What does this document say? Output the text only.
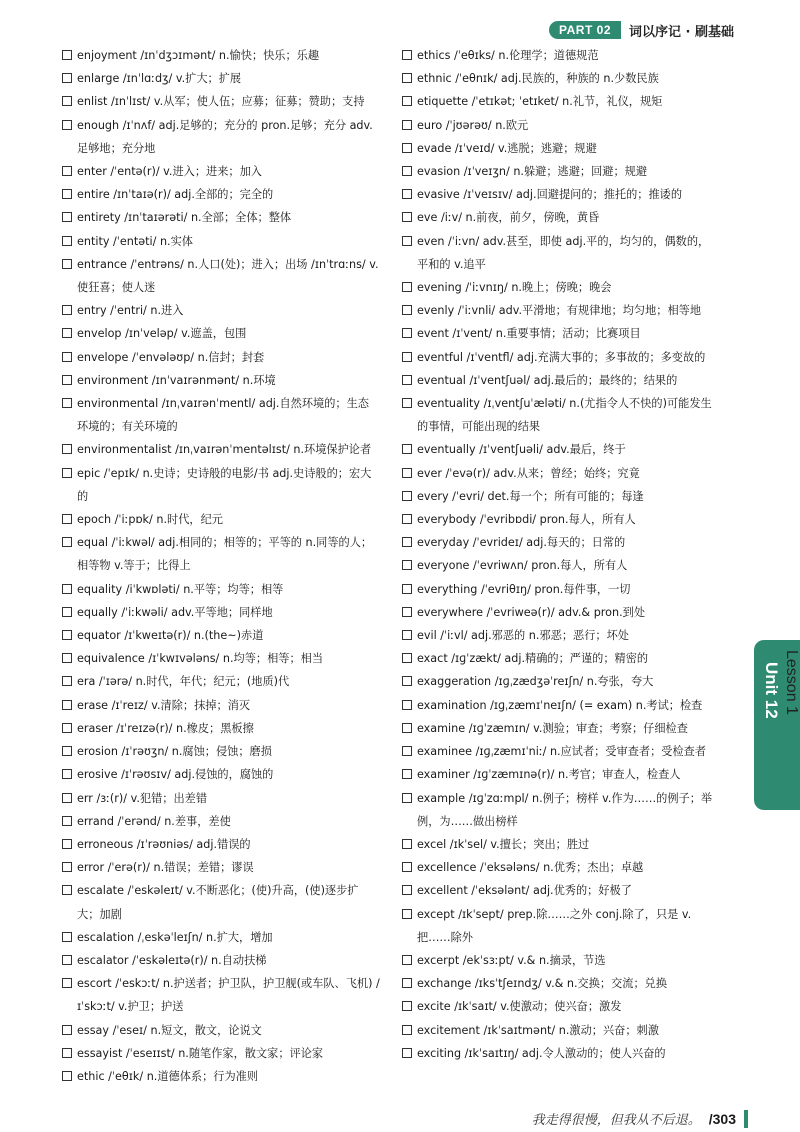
PART 02	词以序记 · 刷基础

enjoyment /ɪnˈdʒɔɪmənt/ n.愉快；快乐；乐趣

enlarge /ɪnˈlɑːdʒ/ v.扩大；扩展

enlist /ɪnˈlɪst/ v.从军；使人伍；应募；征募；赞助；支持

enough /ɪˈnʌf/ adj.足够的；充分的 pron.足够；充分 adv.足够地；充分地

enter /ˈentə(r)/ v.进入；进来；加入

entire /ɪnˈtaɪə(r)/ adj.全部的；完全的

entirety /ɪnˈtaɪərəti/ n.全部；全体；整体

entity /ˈentəti/ n.实体

entrance /ˈentrəns/ n.人口(处)；进入；出场 /ɪnˈtrɑːns/ v.使狂喜；使人迷

entry /ˈentri/ n.进入

envelop /ɪnˈveləp/ v.遮盖，包围

envelope /ˈenvələʊp/ n.信封；封套

environment /ɪnˈvaɪrənmənt/ n.环境

environmental /ɪnˌvaɪrənˈmentl/ adj.自然环境的；生态环境的；有关环境的

environmentalist /ɪnˌvaɪrənˈmentəlɪst/ n.环境保护论者

epic /ˈepɪk/ n.史诗；史诗般的电影/书 adj.史诗般的；宏大的

epoch /ˈiːpɒk/ n.时代，纪元

equal /ˈiːkwəl/ adj.相同的；相等的；平等的 n.同等的人；相等物 v.等于；比得上

equality /iˈkwɒləti/ n.平等；均等；相等

equally /ˈiːkwəli/ adv.平等地；同样地

equator /ɪˈkweɪtə(r)/ n.(the~)赤道

equivalence /ɪˈkwɪvələns/ n.均等；相等；相当

era /ˈɪərə/ n.时代，年代；纪元；(地质)代

erase /ɪˈreɪz/ v.清除；抹掉；消灭

eraser /ɪˈreɪzə(r)/ n.橡皮；黑板擦

erosion /ɪˈrəʊʒn/ n.腐蚀；侵蚀；磨损

erosive /ɪˈrəʊsɪv/ adj.侵蚀的，腐蚀的

err /ɜː(r)/ v.犯错；出差错

errand /ˈerənd/ n.差事，差使

erroneous /ɪˈrəʊniəs/ adj.错误的

error /ˈerə(r)/ n.错误；差错；谬误

escalate /ˈeskəleɪt/ v.不断恶化；(使)升高，(使)逐步扩大；加剧

escalation /ˌeskəˈleɪʃn/ n.扩大，增加

escalator /ˈeskəleɪtə(r)/ n.自动扶梯

escort /ˈeskɔːt/ n.护送者；护卫队，护卫舰(或车队、飞机) /ɪˈskɔːt/ v.护卫；护送

essay /ˈeseɪ/ n.短文，散文，论说文

essayist /ˈeseɪɪst/ n.随笔作家，散文家；评论家

ethic /ˈeθɪk/ n.道德体系；行为准则

ethics /ˈeθɪks/ n.伦理学；道德规范

ethnic /ˈeθnɪk/ adj.民族的，种族的 n.少数民族

etiquette /ˈetɪkət; ˈetɪket/ n.礼节，礼仪，规矩

euro /ˈjʊərəʊ/ n.欧元

evade /ɪˈveɪd/ v.逃脱；逃避；规避

evasion /ɪˈveɪʒn/ n.躲避；逃避；回避；规避

evasive /ɪˈveɪsɪv/ adj.回避提问的；推托的；推诿的

eve /iːv/ n.前夜，前夕，傍晚，黄昏

even /ˈiːvn/ adv.甚至，即使 adj.平的，均匀的，偶数的，平和的 v.追平

evening /ˈiːvnɪŋ/ n.晚上；傍晚；晚会

evenly /ˈiːvnli/ adv.平滑地；有规律地；均匀地；相等地

event /ɪˈvent/ n.重要事情；活动；比赛项目

eventful /ɪˈventfl/ adj.充满大事的；多事故的；多变故的

eventual /ɪˈventʃuəl/ adj.最后的；最终的；结果的

eventuality /ɪˌventʃuˈæləti/ n.(尤指令人不快的)可能发生的事情，可能出现的结果

eventually /ɪˈventʃuəli/ adv.最后，终于

ever /ˈevə(r)/ adv.从来；曾经；始终；究竟

every /ˈevri/ det.每一个；所有可能的；每逢

everybody /ˈevribɒdi/ pron.每人，所有人

everyday /ˈevrideɪ/ adj.每天的；日常的

everyone /ˈevriwʌn/ pron.每人，所有人

everything /ˈevriθɪŋ/ pron.每件事，一切

everywhere /ˈevriweə(r)/ adv.& pron.到处

evil /ˈiːvl/ adj.邪恶的 n.邪恶；恶行；坏处

exact /ɪɡˈzækt/ adj.精确的；严谨的；精密的

exaggeration /ɪɡˌzædʒəˈreɪʃn/ n.夸张，夸大

examination /ɪɡˌzæmɪˈneɪʃn/ (= exam) n.考试；检查

examine /ɪɡˈzæmɪn/ v.测验；审查；考察；仔细检查

examinee /ɪɡˌzæmɪˈniː/ n.应试者；受审查者；受检查者

examiner /ɪɡˈzæmɪnə(r)/ n.考官；审查人，检查人

example /ɪɡˈzɑːmpl/ n.例子；榜样 v.作为……的例子；举例，为……做出榜样

excel /ɪkˈsel/ v.擅长；突出；胜过

excellence /ˈeksələns/ n.优秀；杰出；卓越

excellent /ˈeksələnt/ adj.优秀的；好极了

except /ɪkˈsept/ prep.除……之外 conj.除了，只是 v.把……除外

excerpt /ekˈsɜːpt/ v.& n.摘录，节选

exchange /ɪksˈtʃeɪndʒ/ v.& n.交换；交流；兑换

excite /ɪkˈsaɪt/ v.使激动；使兴奋；激发

excitement /ɪkˈsaɪtmənt/ n.激动；兴奋；刺激

exciting /ɪkˈsaɪtɪŋ/ adj.令人激动的；使人兴奋的

Unit 12 Lesson 1
我走得很慢，但我从不后退。 /303
